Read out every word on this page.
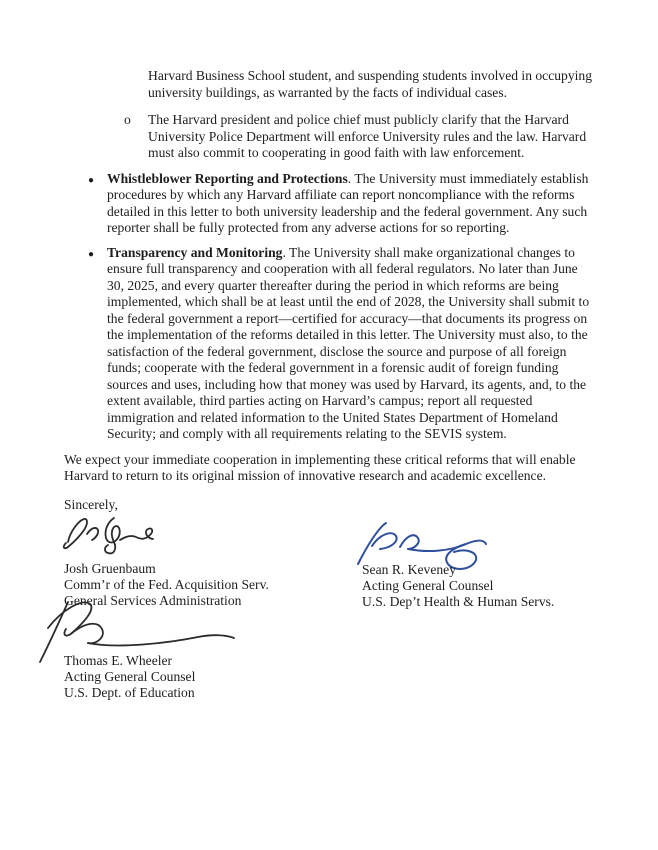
Harvard Business School student, and suspending students involved in occupying university buildings, as warranted by the facts of individual cases.

o	The Harvard president and police chief must publicly clarify that the Harvard University Police Department will enforce University rules and the law. Harvard must also commit to cooperating in good faith with law enforcement.

● Whistleblower Reporting and Protections. The University must immediately establish procedures by which any Harvard affiliate can report noncompliance with the reforms detailed in this letter to both university leadership and the federal government. Any such reporter shall be fully protected from any adverse actions for so reporting.

● Transparency and Monitoring. The University shall make organizational changes to ensure full transparency and cooperation with all federal regulators. No later than June 30, 2025, and every quarter thereafter during the period in which reforms are being implemented, which shall be at least until the end of 2028, the University shall submit to the federal government a report—certified for accuracy—that documents its progress on the implementation of the reforms detailed in this letter. The University must also, to the satisfaction of the federal government, disclose the source and purpose of all foreign funds; cooperate with the federal government in a forensic audit of foreign funding sources and uses, including how that money was used by Harvard, its agents, and, to the extent available, third parties acting on Harvard’s campus; report all requested immigration and related information to the United States Department of Homeland Security; and comply with all requirements relating to the SEVIS system.

We expect your immediate cooperation in implementing these critical reforms that will enable Harvard to return to its original mission of innovative research and academic excellence.

Sincerely,

Josh Gruenbaum

Comm’r of the Fed. Acquisition Serv.

General Services Administration

Sean R. Keveney

Acting General Counsel

U.S. Dep’t Health & Human Servs.

Thomas E. Wheeler

Acting General Counsel

U.S. Dept. of Education
